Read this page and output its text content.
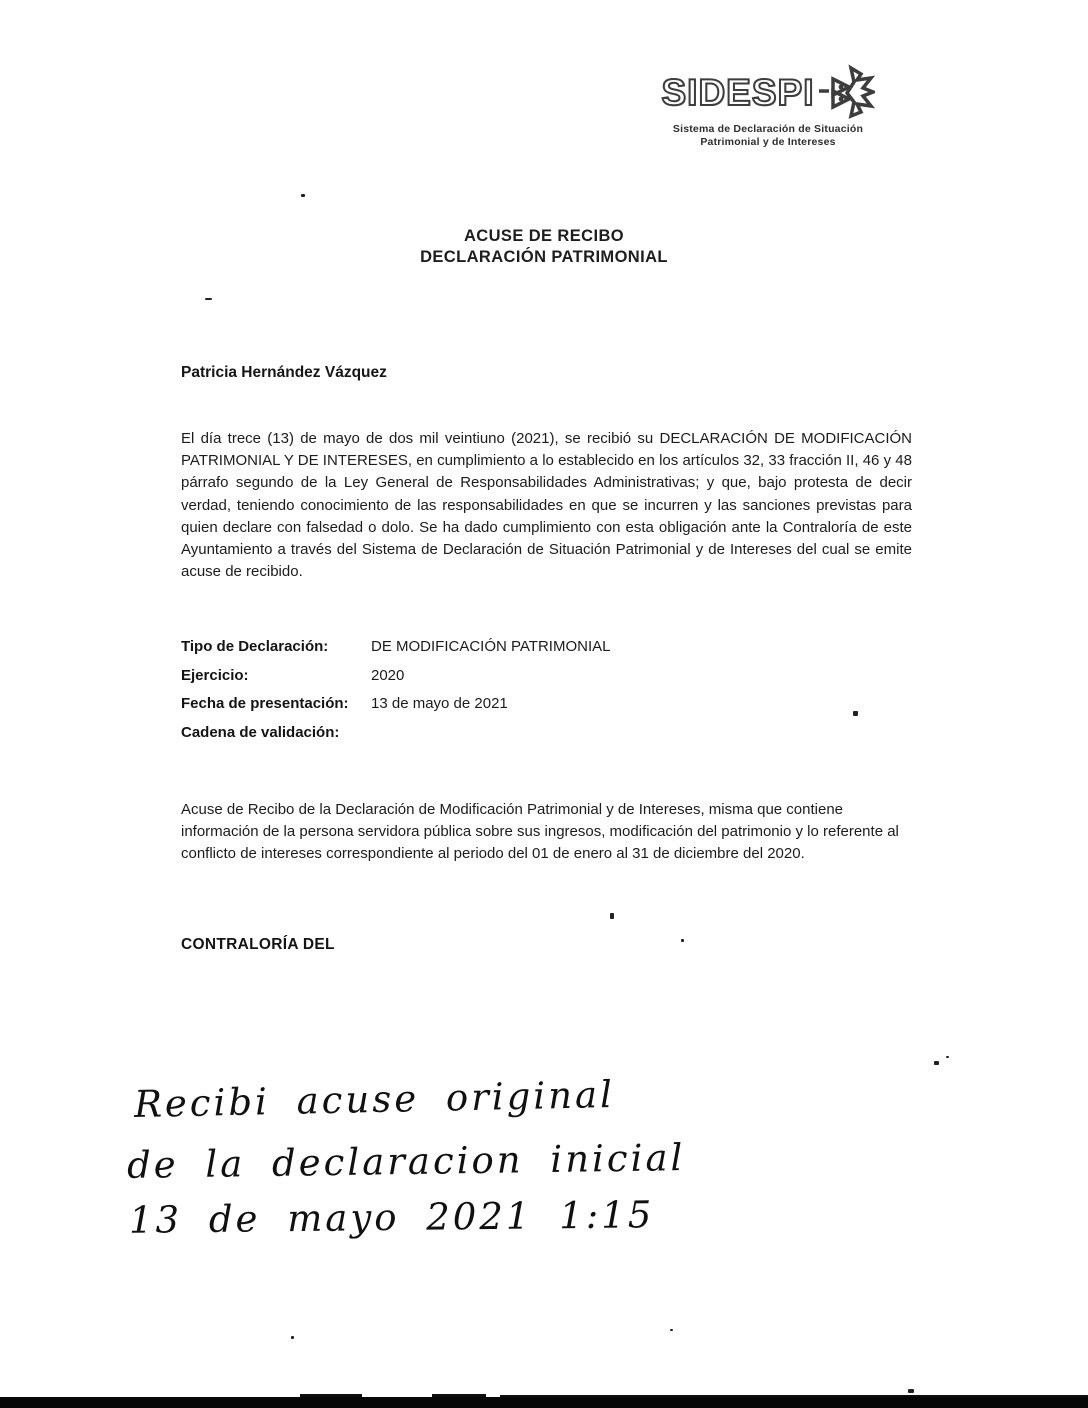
SIDESPI
Sistema de Declaración de Situación
Patrimonial y de Intereses
ACUSE DE RECIBO
DECLARACIÓN PATRIMONIAL
Patricia Hernández Vázquez

El día trece (13) de mayo de dos mil veintiuno (2021), se recibió su DECLARACIÓN DE MODIFICACIÓN PATRIMONIAL Y DE INTERESES, en cumplimiento a lo establecido en los artículos 32, 33 fracción II, 46 y 48 párrafo segundo de la Ley General de Responsabilidades Administrativas; y que, bajo protesta de decir verdad, teniendo conocimiento de las responsabilidades en que se incurren y las sanciones previstas para quien declare con falsedad o dolo. Se ha dado cumplimiento con esta obligación ante la Contraloría de este Ayuntamiento a través del Sistema de Declaración de Situación Patrimonial y de Intereses del cual se emite acuse de recibido.

Tipo de Declaración:	DE MODIFICACIÓN PATRIMONIAL
Ejercicio:	2020
Fecha de presentación:	13 de mayo de 2021
Cadena de validación:

Acuse de Recibo de la Declaración de Modificación Patrimonial y de Intereses, misma que contiene información de la persona servidora pública sobre sus ingresos, modificación del patrimonio y lo referente al conflicto de intereses correspondiente al periodo del 01 de enero al 31 de diciembre del 2020.

CONTRALORÍA DEL
Recibi acuse original
de la declaracion inicial
13 de mayo 2021 1:15
